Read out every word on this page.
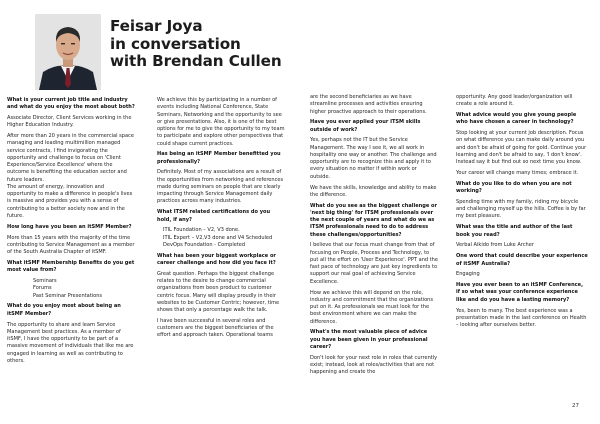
Feisar Joya
in conversation
with Brendan Cullen

What is your current job title and industry and what do you enjoy the most about both?

Associate Director, Client Services working in the Higher Education Industry.

After more than 20 years in the commercial space managing and leading multimillion managed service contracts, I find invigorating the opportunity and challenge to focus on 'Client Experience/Service Excellence' where the outcome is benefiting the education sector and future leaders.
The amount of energy, innovation and opportunity to make a difference in people's lives is massive and provides you with a sense of contributing to a better society now and in the future.

How long have you been an itSMF Member?

More than 15 years with the majority of the time contributing to Service Management as a member of the South Australia Chapter of itSMF.

What itSMF Membership Benefits do you get most value from?

Seminars

Forums

Past Seminar Presentations

What do you enjoy most about being an itSMF Member?

The opportunity to share and learn Service Management best practices. As a member of itSMF, I have the opportunity to be part of a massive movement of individuals that like me are engaged in learning as well as contributing to others.

We achieve this by participating in a number of events including National Conference, State Seminars, Networking and the opportunity to see or give presentations. Also, it is one of the best options for me to give the opportunity to my team to participate and explore other perspectives that could shape current practices.

Has being an itSMF Member benefitted you professionally?

Definitely. Most of my associations are a result of the opportunities from networking and references made during seminars on people that are clearly impacting through Service Management daily practices across many industries.

What ITSM related certifications do you hold, if any?

ITIL Foundation – V2, V3 done.

ITIL Expert – V2,V3 done and V4 Scheduled

DevOps Foundation - Completed

What has been your biggest workplace or career challenge and how did you face it?

Great question. Perhaps the biggest challenge relates to the desire to change commercial organizations from been product to customer centric focus. Many will display proudly in their websites to be Customer Centric; however, time shows that only a percentage walk the talk.

I have been successful in several roles and customers are the biggest beneficiaries of the effort and approach taken. Operational teams

are the second beneficiaries as we have streamline processes and activities ensuring higher proactive approach to their operations.

Have you ever applied your ITSM skills outside of work?

Yes, perhaps not the IT but the Service Management. The way I see it, we all work in hospitality one way or another. The challenge and opportunity are to recognize this and apply it to every situation no matter if within work or outside.

We have the skills, knowledge and ability to make the difference.

What do you see as the biggest challenge or 'next big thing' for ITSM professionals over the next couple of years and what do we as ITSM professionals need to do to address these challenges/opportunities?

I believe that our focus must change from that of focusing on People, Process and Technology, to put all the effort on 'User Experience'. PPT and the fast pace of technology are just key ingredients to support our real goal of achieving Service Excellence.

How we achieve this will depend on the role, industry and commitment that the organizations put on it. As professionals we must look for the best environment where we can make the difference.

What's the most valuable piece of advice you have been given in your professional career?

Don't look for your next role in roles that currently exist; instead, look at roles/activities that are not happening and create the

opportunity. Any good leader/organization will create a role around it.

What advice would you give young people who have chosen a career in technology?

Stop looking at your current job description. Focus on what difference you can make daily around you and don't be afraid of going for gold. Continue your learning and don't be afraid to say, 'I don't know'.
Instead say it but find out so next time you know.

Your career will change many times; embrace it.

What do you like to do when you are not working?

Spending time with my family, riding my bicycle and challenging myself up the hills. Coffee is by far my best pleasure.

What was the title and author of the last book you read?

Verbal Aikido from Luke Archer

One word that could describe your experience of itSMF Australia?

Engaging

Have you ever been to an itSMF Conference, if so what was your conference experience like and do you have a lasting memory?

Yes, been to many. The best experience was a presentation made in the last conference on Health – looking after ourselves better.

27
